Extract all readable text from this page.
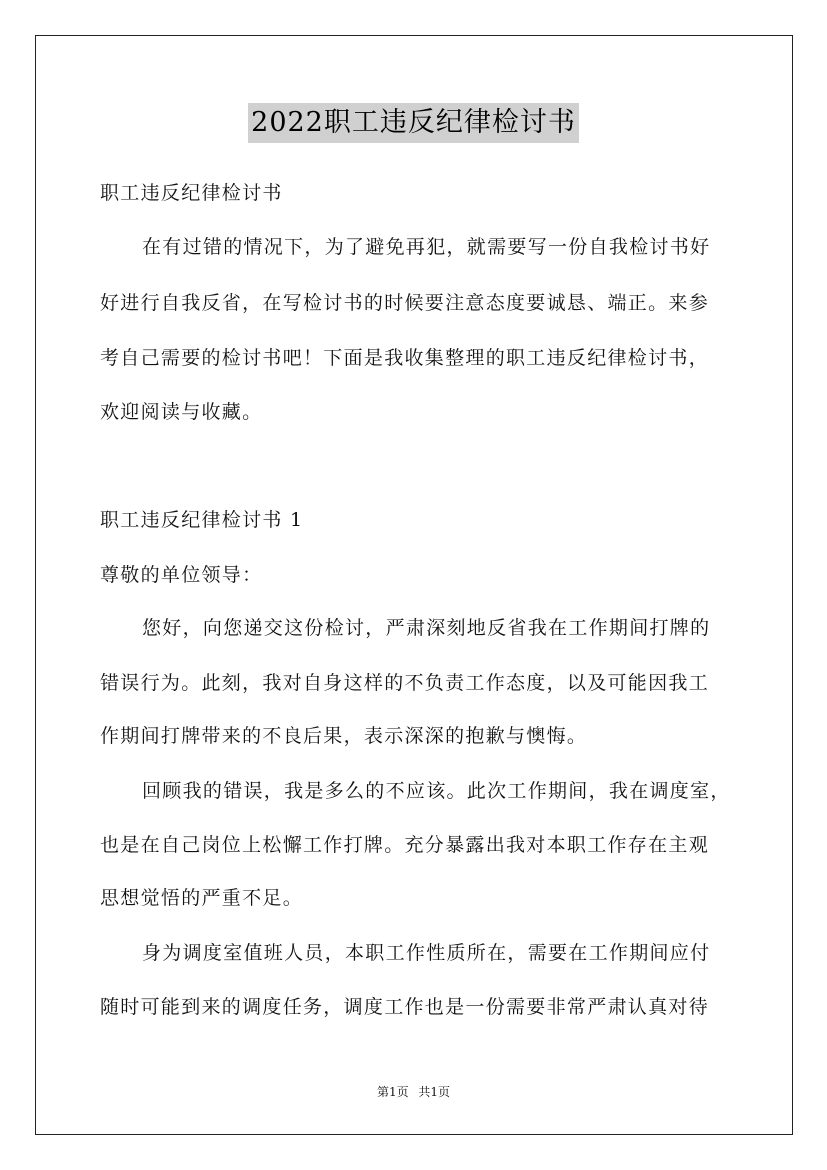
2022职工违反纪律检讨书
职工违反纪律检讨书
在有过错的情况下，为了避免再犯，就需要写一份自我检讨书好
好进行自我反省，在写检讨书的时候要注意态度要诚恳、端正。来参
考自己需要的检讨书吧！下面是我收集整理的职工违反纪律检讨书，
欢迎阅读与收藏。
职工违反纪律检讨书 1
尊敬的单位领导：
您好，向您递交这份检讨，严肃深刻地反省我在工作期间打牌的
错误行为。此刻，我对自身这样的不负责工作态度，以及可能因我工
作期间打牌带来的不良后果，表示深深的抱歉与懊悔。
回顾我的错误，我是多么的不应该。此次工作期间，我在调度室，
也是在自己岗位上松懈工作打牌。充分暴露出我对本职工作存在主观
思想觉悟的严重不足。
身为调度室值班人员，本职工作性质所在，需要在工作期间应付
随时可能到来的调度任务，调度工作也是一份需要非常严肃认真对待
第1页 共1页
